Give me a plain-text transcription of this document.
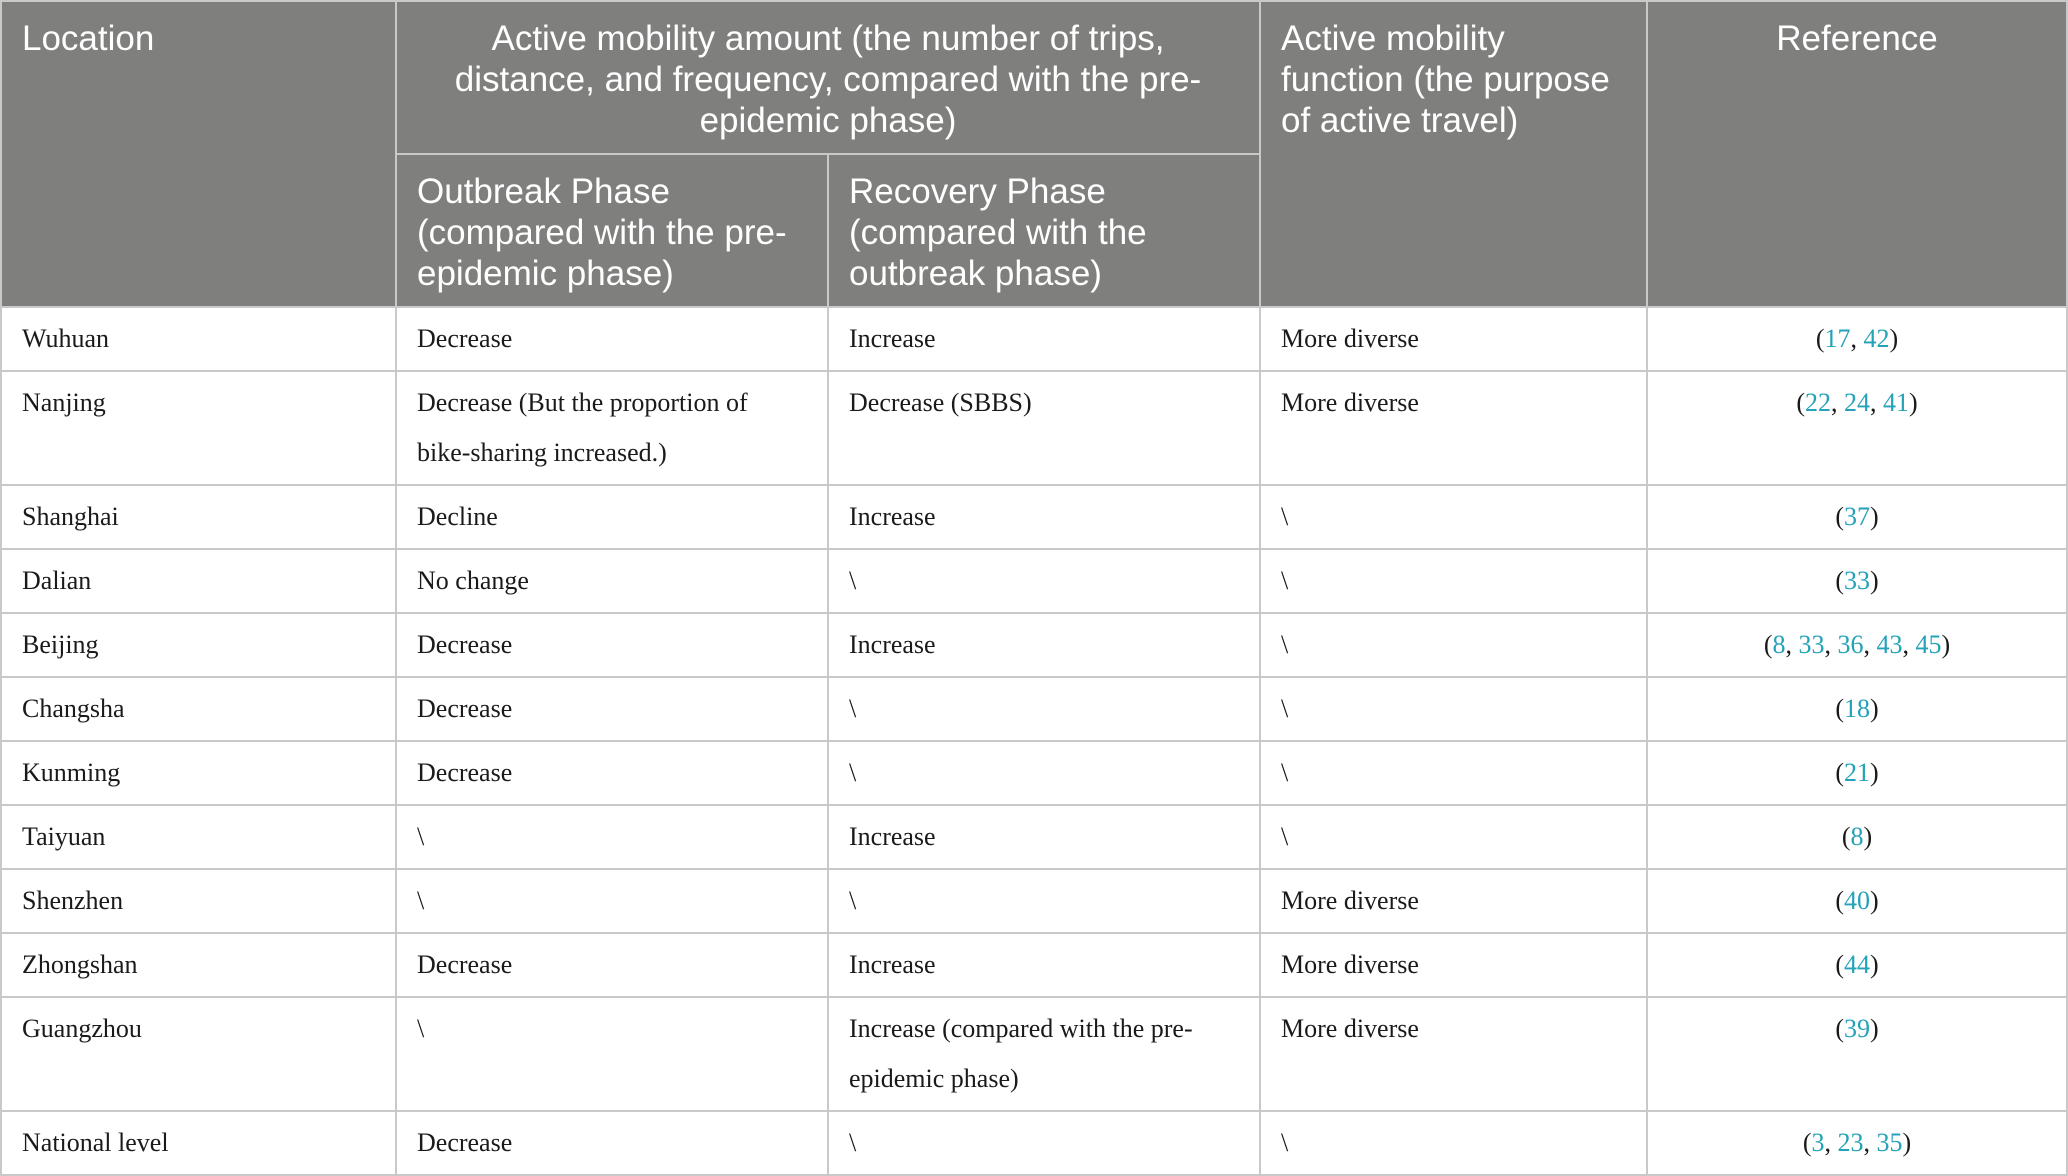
Location	Active mobility amount (the number of trips, distance, and frequency, compared with the pre-epidemic phase)		Active mobility function (the purpose of active travel)	Reference
	Outbreak Phase (compared with the pre-epidemic phase)	Recovery Phase (compared with the outbreak phase)		
Wuhuan	Decrease	Increase	More diverse	(17, 42)
Nanjing	Decrease (But the proportion of bike-sharing increased.)	Decrease (SBBS)	More diverse	(22, 24, 41)
Shanghai	Decline	Increase	\	(37)
Dalian	No change	\	\	(33)
Beijing	Decrease	Increase	\	(8, 33, 36, 43, 45)
Changsha	Decrease	\	\	(18)
Kunming	Decrease	\	\	(21)
Taiyuan	\	Increase	\	(8)
Shenzhen	\	\	More diverse	(40)
Zhongshan	Decrease	Increase	More diverse	(44)
Guangzhou	\	Increase (compared with the pre-epidemic phase)	More diverse	(39)
National level	Decrease	\	\	(3, 23, 35)
